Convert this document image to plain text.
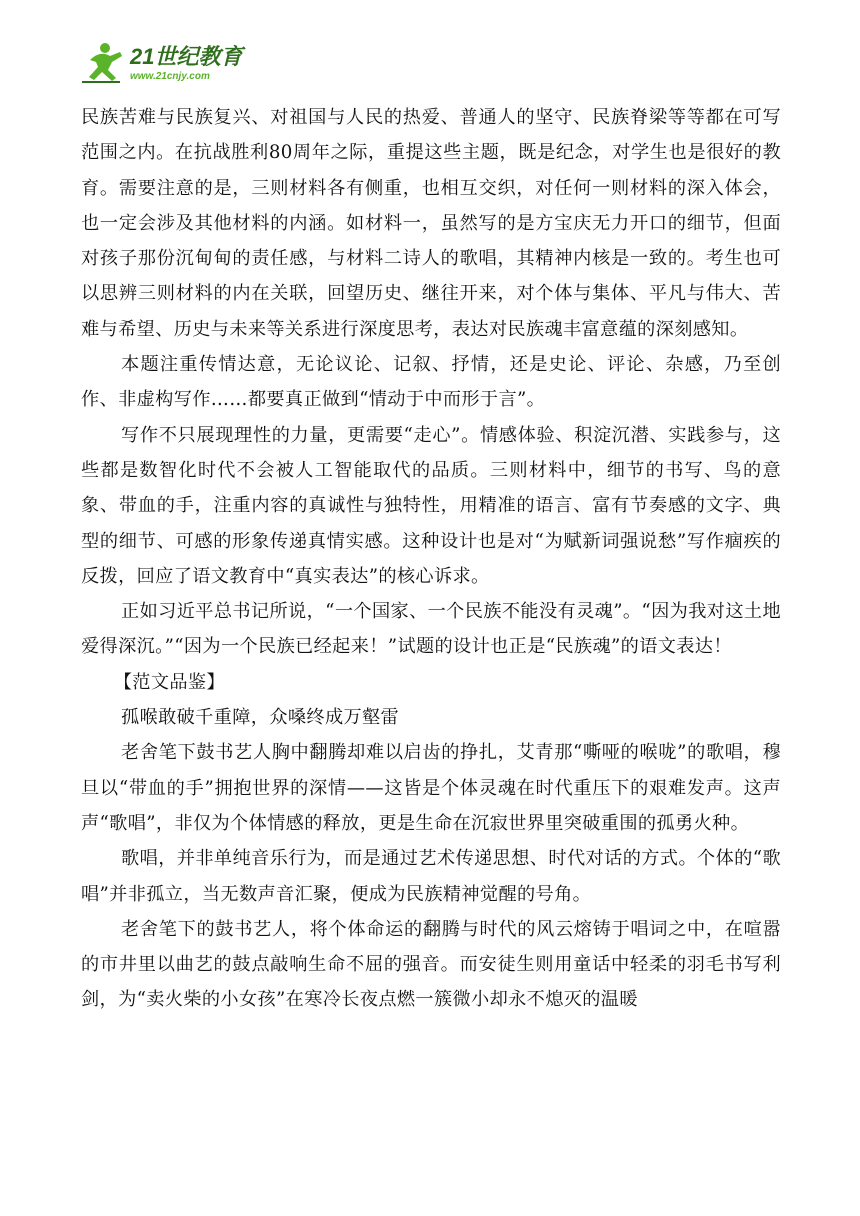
21世纪教育
www.21cnjy.com

民族苦难与民族复兴、对祖国与人民的热爱、普通人的坚守、民族脊梁等等都在可写范围之内。在抗战胜利80周年之际，重提这些主题，既是纪念，对学生也是很好的教育。需要注意的是，三则材料各有侧重，也相互交织，对任何一则材料的深入体会，也一定会涉及其他材料的内涵。如材料一，虽然写的是方宝庆无力开口的细节，但面对孩子那份沉甸甸的责任感，与材料二诗人的歌唱，其精神内核是一致的。考生也可以思辨三则材料的内在关联，回望历史、继往开来，对个体与集体、平凡与伟大、苦难与希望、历史与未来等关系进行深度思考，表达对民族魂丰富意蕴的深刻感知。

本题注重传情达意，无论议论、记叙、抒情，还是史论、评论、杂感，乃至创作、非虚构写作……都要真正做到“情动于中而形于言”。

写作不只展现理性的力量，更需要“走心”。情感体验、积淀沉潜、实践参与，这些都是数智化时代不会被人工智能取代的品质。三则材料中，细节的书写、鸟的意象、带血的手，注重内容的真诚性与独特性，用精准的语言、富有节奏感的文字、典型的细节、可感的形象传递真情实感。这种设计也是对“为赋新词强说愁”写作痼疾的反拨，回应了语文教育中“真实表达”的核心诉求。

正如习近平总书记所说，“一个国家、一个民族不能没有灵魂”。“因为我对这土地爱得深沉。”“因为一个民族已经起来！”试题的设计也正是“民族魂”的语文表达！

【范文品鉴】

孤喉敢破千重障，众嗓终成万壑雷

老舍笔下鼓书艺人胸中翻腾却难以启齿的挣扎，艾青那“嘶哑的喉咙”的歌唱，穆旦以“带血的手”拥抱世界的深情——这皆是个体灵魂在时代重压下的艰难发声。这声声“歌唱”，非仅为个体情感的释放，更是生命在沉寂世界里突破重围的孤勇火种。

歌唱，并非单纯音乐行为，而是通过艺术传递思想、时代对话的方式。个体的“歌唱”并非孤立，当无数声音汇聚，便成为民族精神觉醒的号角。

老舍笔下的鼓书艺人，将个体命运的翻腾与时代的风云熔铸于唱词之中，在喧嚣的市井里以曲艺的鼓点敲响生命不屈的强音。而安徒生则用童话中轻柔的羽毛书写利剑，为“卖火柴的小女孩”在寒冷长夜点燃一簇微小却永不熄灭的温暖
